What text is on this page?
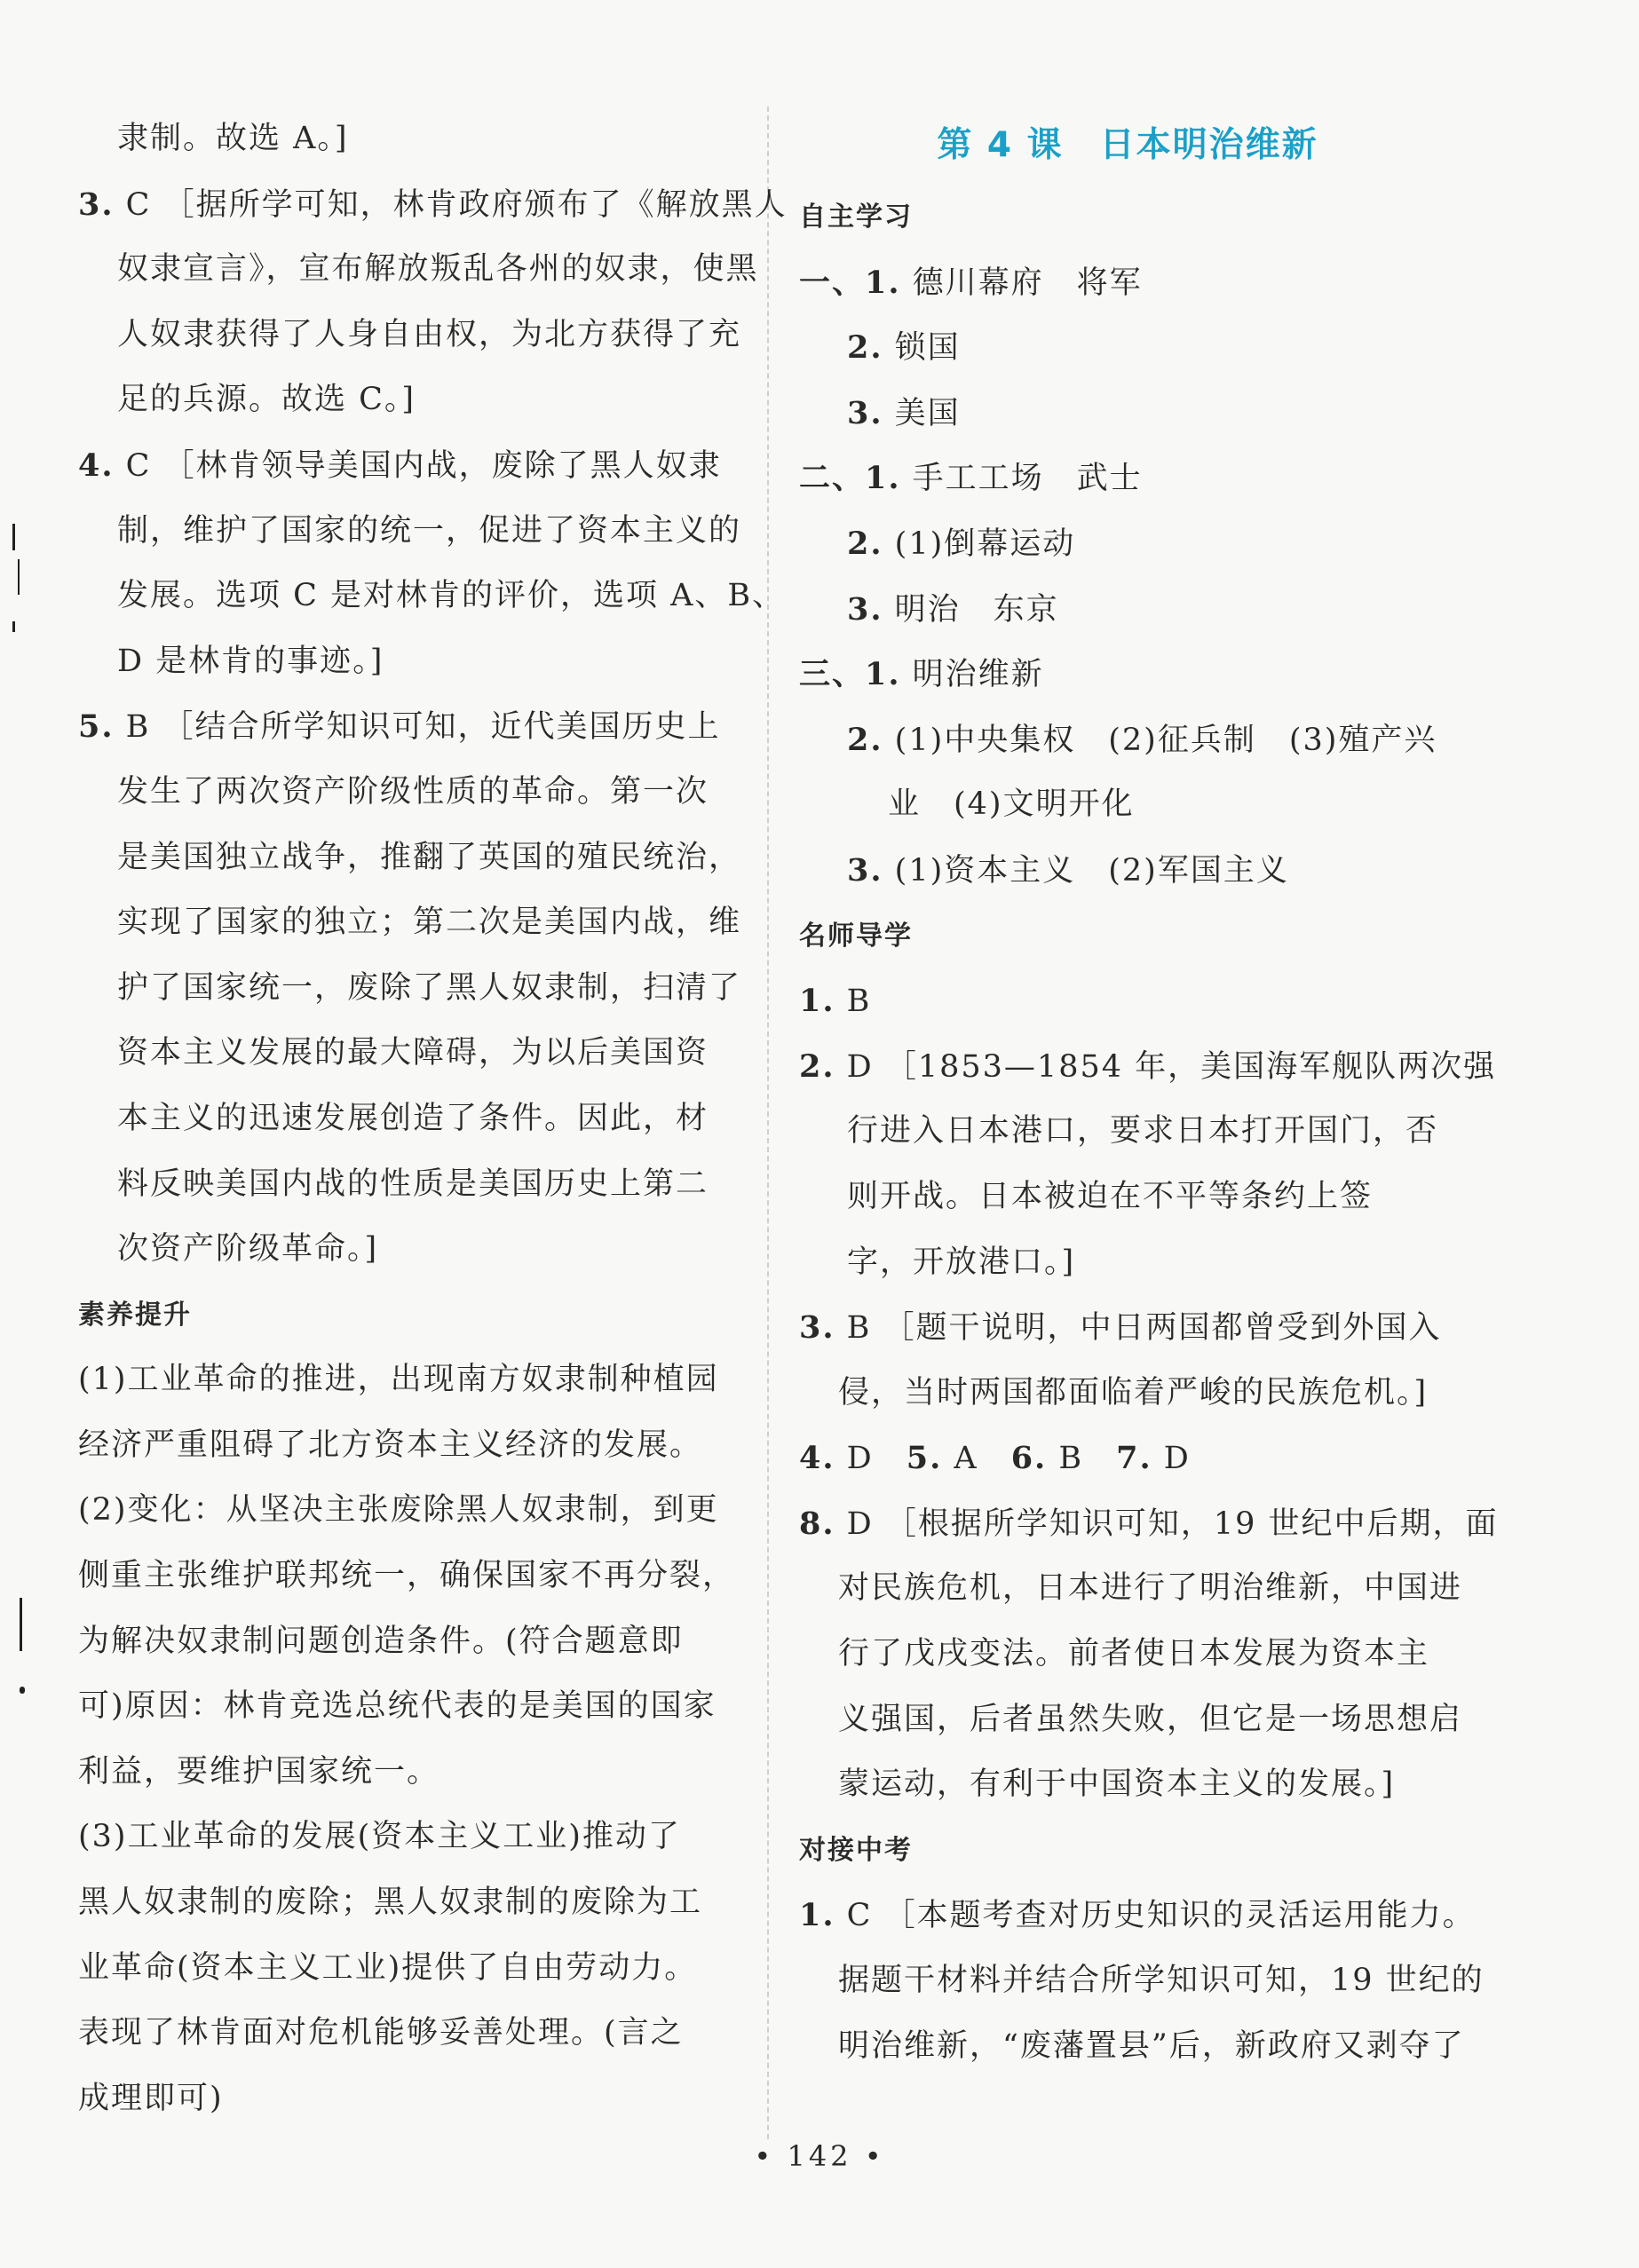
隶制。故选 A。]
3. C ［据所学可知，林肯政府颁布了《解放黑人
奴隶宣言》，宣布解放叛乱各州的奴隶，使黑
人奴隶获得了人身自由权，为北方获得了充
足的兵源。故选 C。]
4. C ［林肯领导美国内战，废除了黑人奴隶
制，维护了国家的统一，促进了资本主义的
发展。选项 C 是对林肯的评价，选项 A、B、
D 是林肯的事迹。]
5. B ［结合所学知识可知，近代美国历史上
发生了两次资产阶级性质的革命。第一次
是美国独立战争，推翻了英国的殖民统治，
实现了国家的独立；第二次是美国内战，维
护了国家统一，废除了黑人奴隶制，扫清了
资本主义发展的最大障碍，为以后美国资
本主义的迅速发展创造了条件。因此，材
料反映美国内战的性质是美国历史上第二
次资产阶级革命。]
素养提升
(1)工业革命的推进，出现南方奴隶制种植园
经济严重阻碍了北方资本主义经济的发展。
(2)变化：从坚决主张废除黑人奴隶制，到更
侧重主张维护联邦统一，确保国家不再分裂，
为解决奴隶制问题创造条件。(符合题意即
可)原因：林肯竞选总统代表的是美国的国家
利益，要维护国家统一。
(3)工业革命的发展(资本主义工业)推动了
黑人奴隶制的废除；黑人奴隶制的废除为工
业革命(资本主义工业)提供了自由劳动力。
表现了林肯面对危机能够妥善处理。(言之
成理即可)
第 4 课　日本明治维新
自主学习
一、1. 德川幕府　将军
2. 锁国
3. 美国
二、1. 手工工场　武士
2. (1)倒幕运动
3. 明治　东京
三、1. 明治维新
2. (1)中央集权　(2)征兵制　(3)殖产兴
业　(4)文明开化
3. (1)资本主义　(2)军国主义
名师导学
1. B
2. D ［1853—1854 年，美国海军舰队两次强
行进入日本港口，要求日本打开国门，否
则开战。日本被迫在不平等条约上签
字，开放港口。]
3. B ［题干说明，中日两国都曾受到外国入
侵，当时两国都面临着严峻的民族危机。]
4. D　5. A　6. B　7. D
8. D ［根据所学知识可知，19 世纪中后期，面
对民族危机，日本进行了明治维新，中国进
行了戊戌变法。前者使日本发展为资本主
义强国，后者虽然失败，但它是一场思想启
蒙运动，有利于中国资本主义的发展。]
对接中考
1. C ［本题考查对历史知识的灵活运用能力。
据题干材料并结合所学知识可知，19 世纪的
明治维新，“废藩置县”后，新政府又剥夺了
• 142 •
